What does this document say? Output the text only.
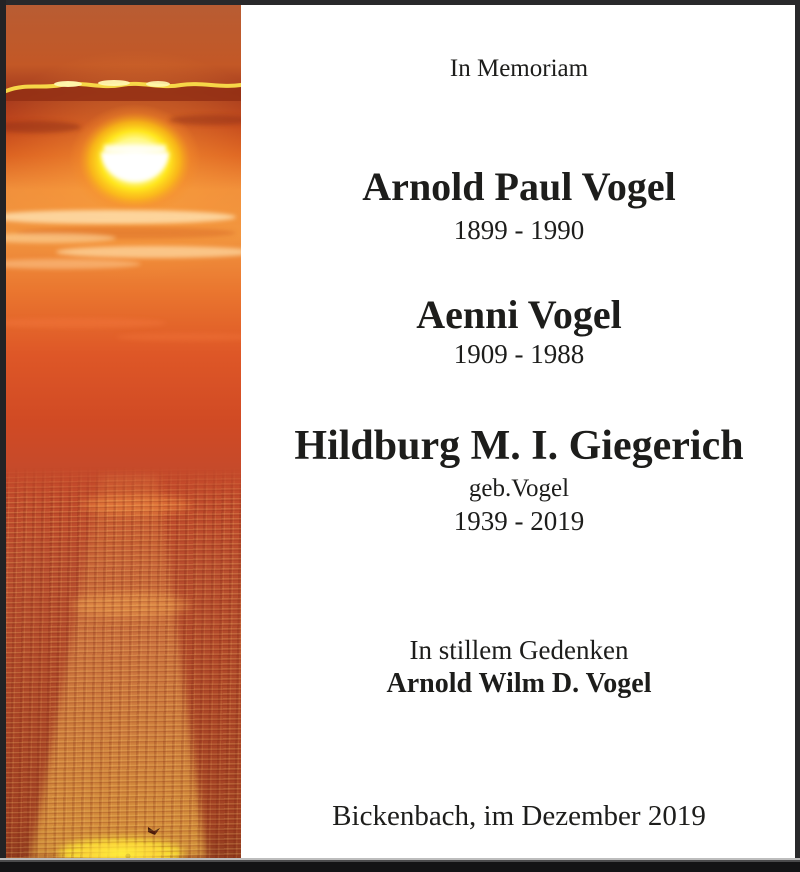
In Memoriam
Arnold Paul Vogel
1899 - 1990
Aenni Vogel
1909 - 1988
Hildburg M. I. Giegerich
geb.Vogel
1939 - 2019
In stillem Gedenken
Arnold Wilm D. Vogel
Bickenbach, im Dezember 2019
